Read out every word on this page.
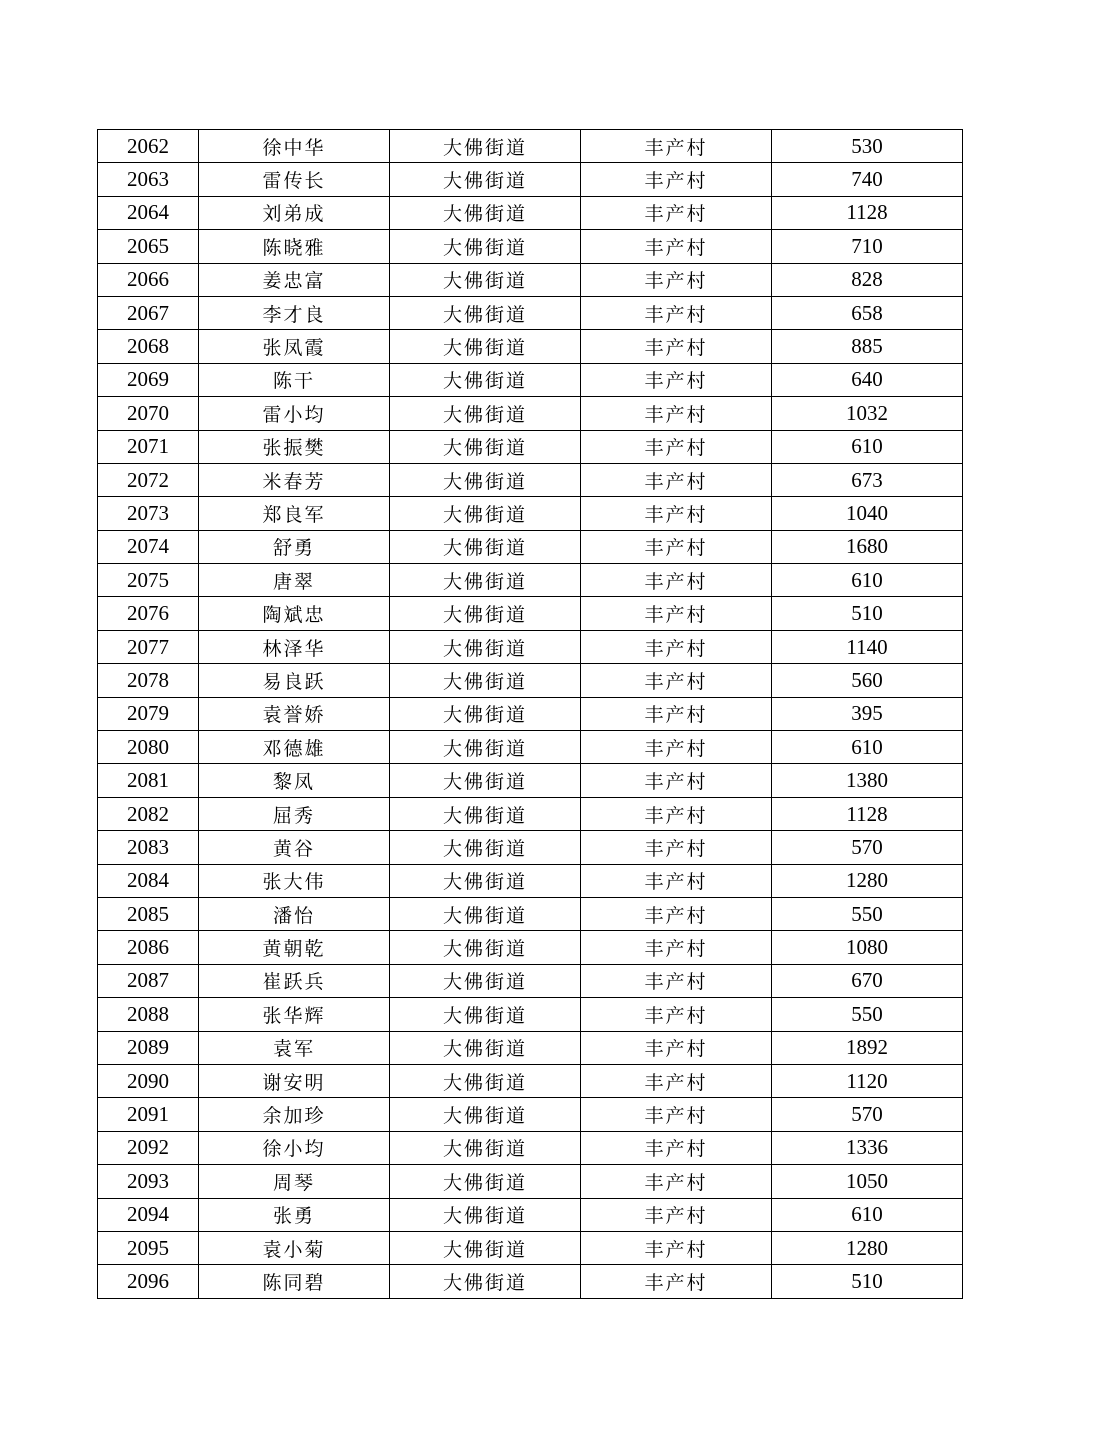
2062	徐中华	大佛街道	丰产村	530
2063	雷传长	大佛街道	丰产村	740
2064	刘弟成	大佛街道	丰产村	1128
2065	陈晓雅	大佛街道	丰产村	710
2066	姜忠富	大佛街道	丰产村	828
2067	李才良	大佛街道	丰产村	658
2068	张凤霞	大佛街道	丰产村	885
2069	陈干	大佛街道	丰产村	640
2070	雷小均	大佛街道	丰产村	1032
2071	张振樊	大佛街道	丰产村	610
2072	米春芳	大佛街道	丰产村	673
2073	郑良军	大佛街道	丰产村	1040
2074	舒勇	大佛街道	丰产村	1680
2075	唐翠	大佛街道	丰产村	610
2076	陶斌忠	大佛街道	丰产村	510
2077	林泽华	大佛街道	丰产村	1140
2078	易良跃	大佛街道	丰产村	560
2079	袁誉娇	大佛街道	丰产村	395
2080	邓德雄	大佛街道	丰产村	610
2081	黎凤	大佛街道	丰产村	1380
2082	屈秀	大佛街道	丰产村	1128
2083	黄谷	大佛街道	丰产村	570
2084	张大伟	大佛街道	丰产村	1280
2085	潘怡	大佛街道	丰产村	550
2086	黄朝乾	大佛街道	丰产村	1080
2087	崔跃兵	大佛街道	丰产村	670
2088	张华辉	大佛街道	丰产村	550
2089	袁军	大佛街道	丰产村	1892
2090	谢安明	大佛街道	丰产村	1120
2091	余加珍	大佛街道	丰产村	570
2092	徐小均	大佛街道	丰产村	1336
2093	周琴	大佛街道	丰产村	1050
2094	张勇	大佛街道	丰产村	610
2095	袁小菊	大佛街道	丰产村	1280
2096	陈同碧	大佛街道	丰产村	510
